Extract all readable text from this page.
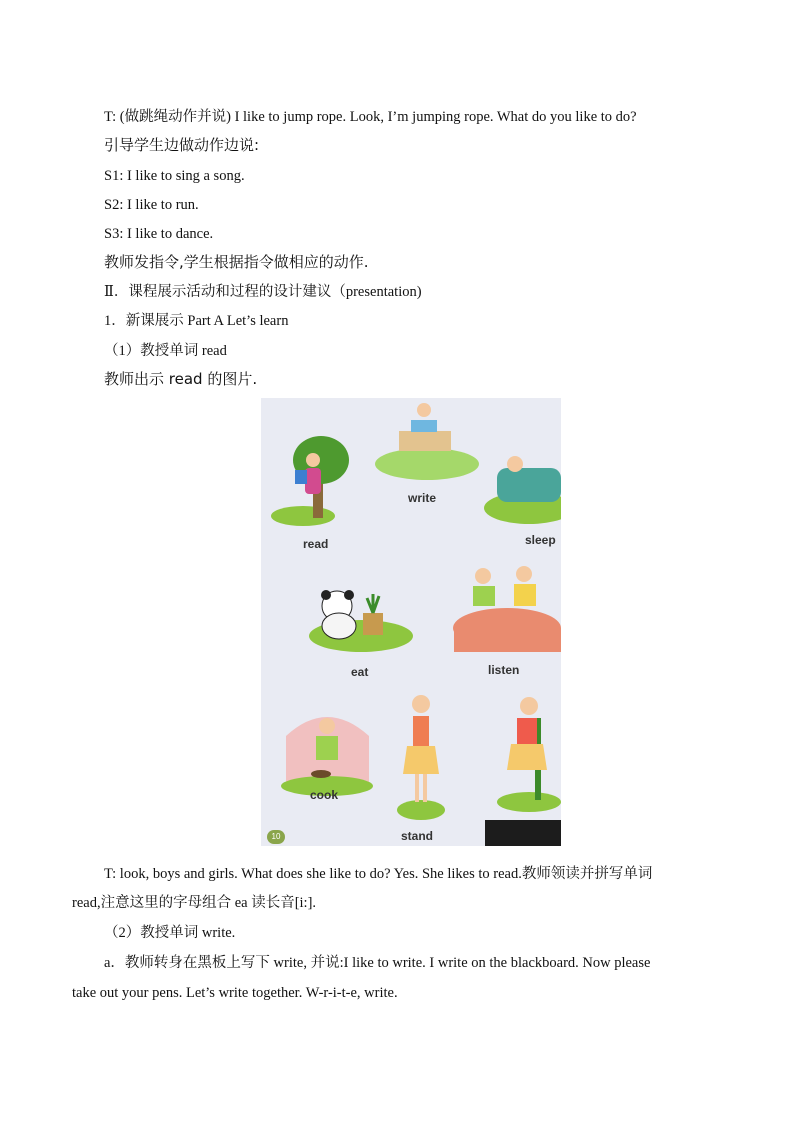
T: (做跳绳动作并说) I like to jump rope. Look, I’m jumping rope. What do you like to do?
引导学生边做动作边说:
S1: I like to sing a song.
S2: I like to run.
S3: I like to dance.
教师发指令,学生根据指令做相应的动作.
Ⅱ．课程展示活动和过程的设计建议（presentation)
1．新课展示 Part A Let’s learn
（1）教授单词 read
教师出示 read 的图片.
read
write
sleep
eat	listen
cook
stand
10
T: look, boys and girls. What does she like to do? Yes. She likes to read.教师领读并拼写单词
read,注意这里的字母组合 ea 读长音[i:].
（2）教授单词 write.
a．教师转身在黑板上写下 write, 并说:I like to write. I write on the blackboard. Now please
take out your pens. Let’s write together. W-r-i-t-e, write.
